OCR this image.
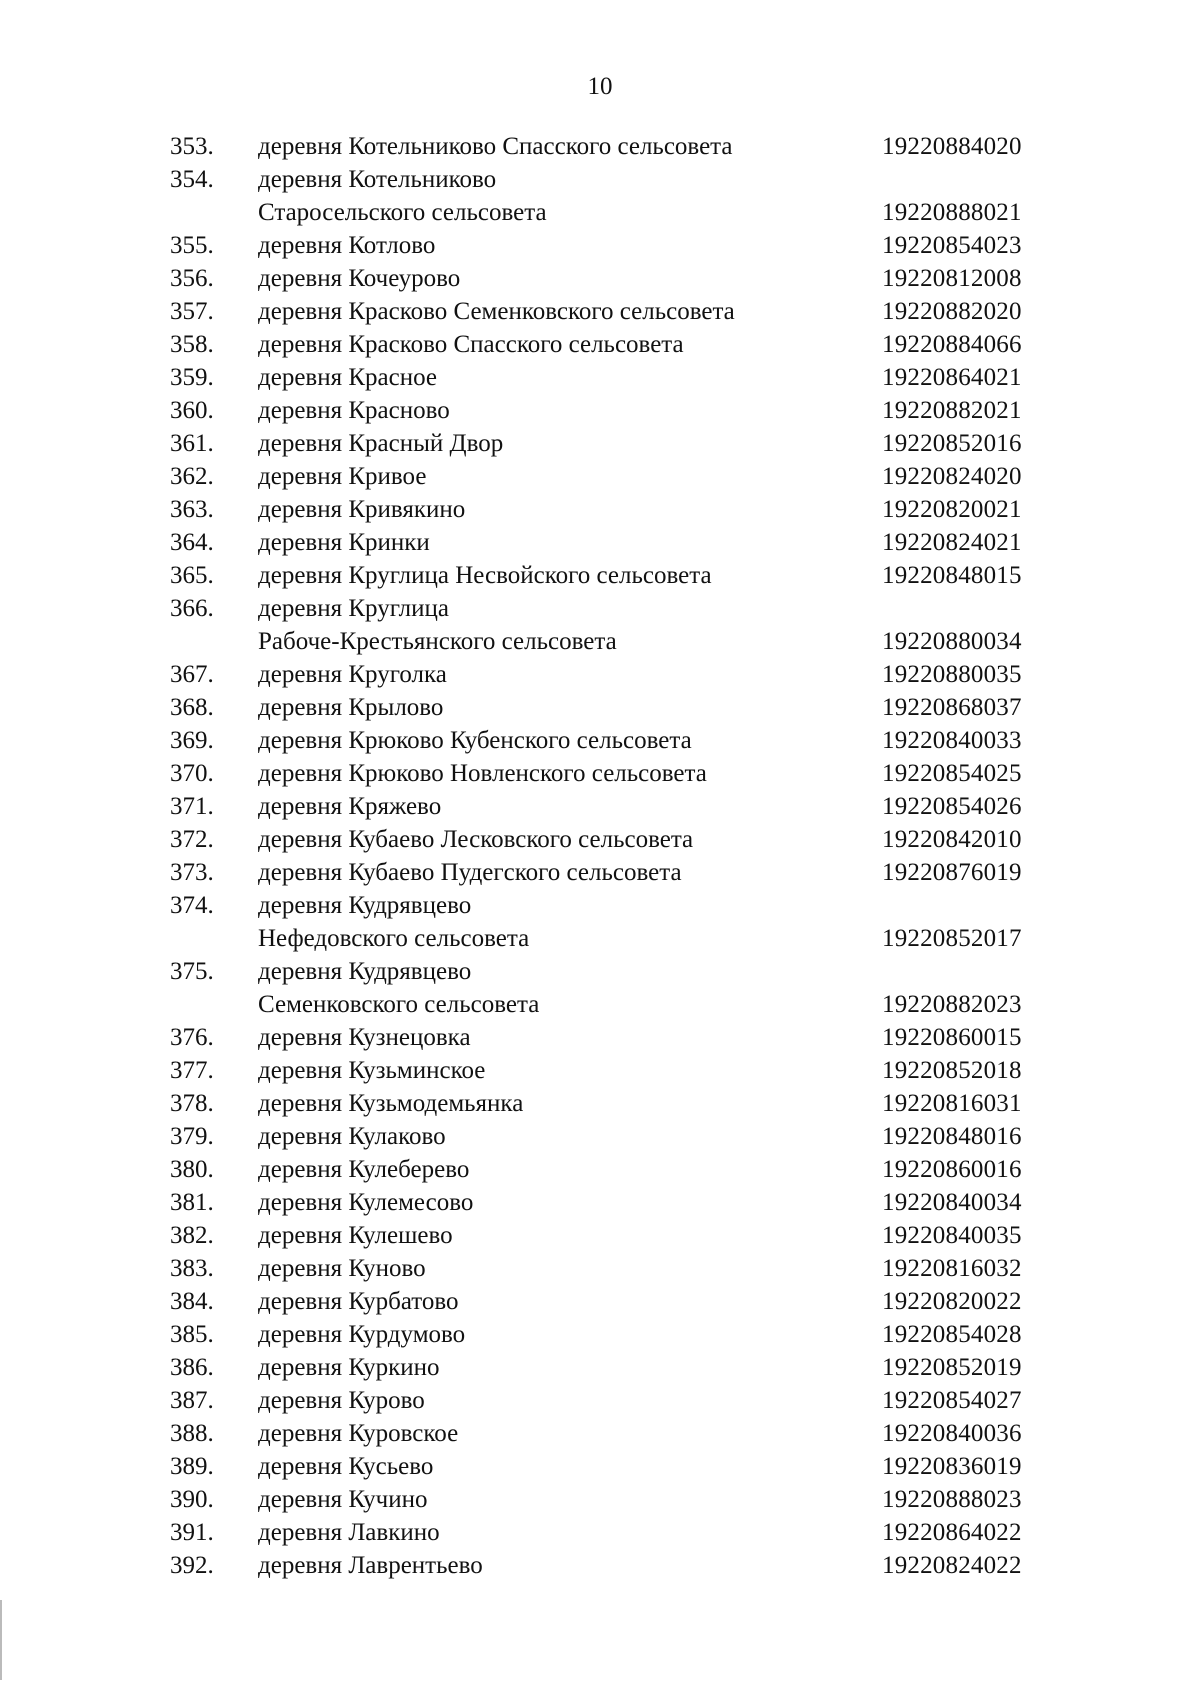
10
353. деревня Котельниково Спасского сельсовета	19220884020
354. деревня Котельниково
Старосельского сельсовета	19220888021
355. деревня Котлово	19220854023
356. деревня Кочеурово	19220812008
357. деревня Красково Семенковского сельсовета	19220882020
358. деревня Красково Спасского сельсовета	19220884066
359. деревня Красное	19220864021
360. деревня Красново	19220882021
361. деревня Красный Двор	19220852016
362. деревня Кривое	19220824020
363. деревня Кривякино	19220820021
364. деревня Кринки	19220824021
365. деревня Круглица Несвойского сельсовета	19220848015
366. деревня Круглица
Рабоче-Крестьянского сельсовета	19220880034
367. деревня Круголка	19220880035
368. деревня Крылово	19220868037
369. деревня Крюково Кубенского сельсовета	19220840033
370. деревня Крюково Новленского сельсовета	19220854025
371. деревня Кряжево	19220854026
372. деревня Кубаево Лесковского сельсовета	19220842010
373. деревня Кубаево Пудегского сельсовета	19220876019
374. деревня Кудрявцево
Нефедовского сельсовета	19220852017
375. деревня Кудрявцево
Семенковского сельсовета	19220882023
376. деревня Кузнецовка	19220860015
377. деревня Кузьминское	19220852018
378. деревня Кузьмодемьянка	19220816031
379. деревня Кулаково	19220848016
380. деревня Кулеберево	19220860016
381. деревня Кулемесово	19220840034
382. деревня Кулешево	19220840035
383. деревня Куново	19220816032
384. деревня Курбатово	19220820022
385. деревня Курдумово	19220854028
386. деревня Куркино	19220852019
387. деревня Курово	19220854027
388. деревня Куровское	19220840036
389. деревня Кусьево	19220836019
390. деревня Кучино	19220888023
391. деревня Лавкино	19220864022
392. деревня Лаврентьево	19220824022
